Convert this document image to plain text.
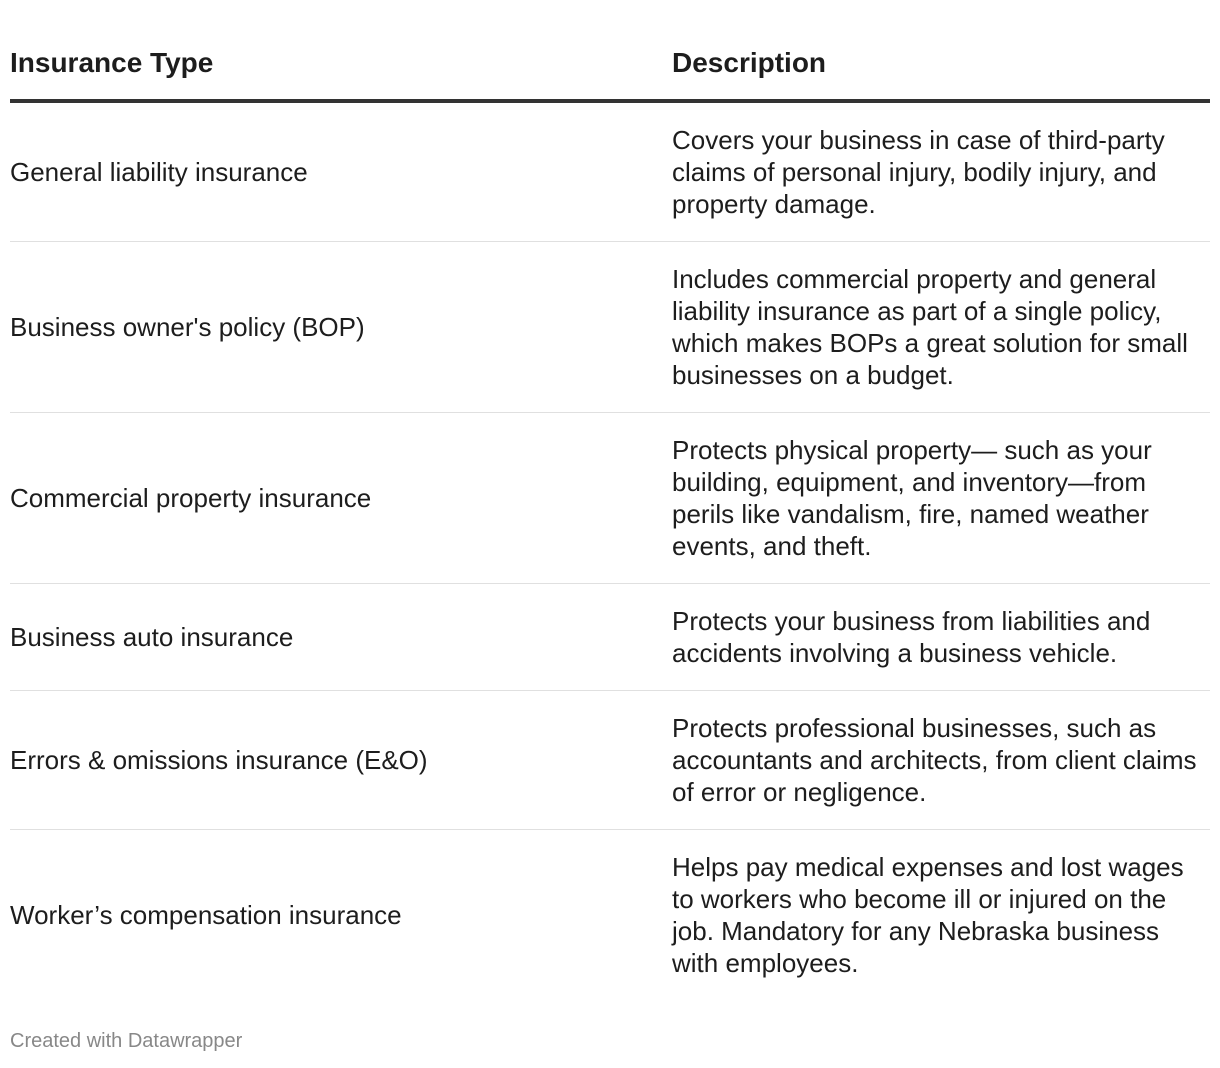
Insurance Type	Description
General liability insurance	Covers your business in case of third-party claims of personal injury, bodily injury, and property damage.
Business owner's policy (BOP)	Includes commercial property and general liability insurance as part of a single policy, which makes BOPs a great solution for small businesses on a budget.
Commercial property insurance	Protects physical property— such as your building, equipment, and inventory—from perils like vandalism, fire, named weather events, and theft.
Business auto insurance	Protects your business from liabilities and accidents involving a business vehicle.
Errors & omissions insurance (E&O)	Protects professional businesses, such as accountants and architects, from client claims of error or negligence.
Worker’s compensation insurance	Helps pay medical expenses and lost wages to workers who become ill or injured on the job. Mandatory for any Nebraska business with employees.
Created with Datawrapper
